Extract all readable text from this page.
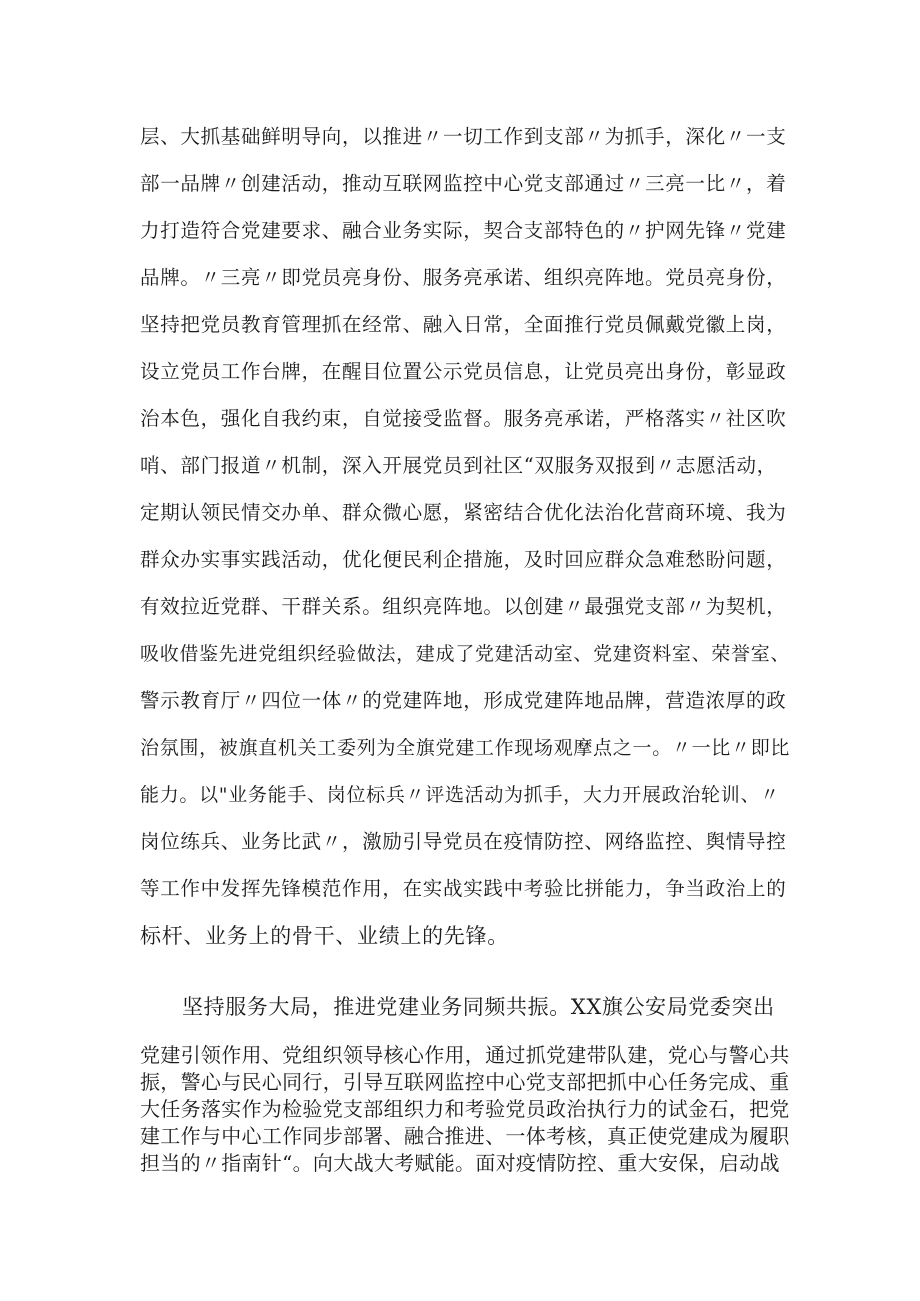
层、大抓基础鲜明导向，以推进〃一切工作到支部〃为抓手，深化〃一支
部一品牌〃创建活动，推动互联网监控中心党支部通过〃三亮一比〃，着
力打造符合党建要求、融合业务实际，契合支部特色的〃护网先锋〃党建
品牌。〃三亮〃即党员亮身份、服务亮承诺、组织亮阵地。党员亮身份，
坚持把党员教育管理抓在经常、融入日常，全面推行党员佩戴党徽上岗，
设立党员工作台牌，在醒目位置公示党员信息，让党员亮出身份，彰显政
治本色，强化自我约束，自觉接受监督。服务亮承诺，严格落实〃社区吹
哨、部门报道〃机制，深入开展党员到社区“双服务双报到〃志愿活动，
定期认领民情交办单、群众微心愿，紧密结合优化法治化营商环境、我为
群众办实事实践活动，优化便民利企措施，及时回应群众急难愁盼问题，
有效拉近党群、干群关系。组织亮阵地。以创建〃最强党支部〃为契机，
吸收借鉴先进党组织经验做法，建成了党建活动室、党建资料室、荣誉室、
警示教育厅〃四位一体〃的党建阵地，形成党建阵地品牌，营造浓厚的政
治氛围，被旗直机关工委列为全旗党建工作现场观摩点之一。〃一比〃即比
能力。以"业务能手、岗位标兵〃评选活动为抓手，大力开展政治轮训、〃
岗位练兵、业务比武〃，激励引导党员在疫情防控、网络监控、舆情导控
等工作中发挥先锋模范作用，在实战实践中考验比拼能力，争当政治上的
标杆、业务上的骨干、业绩上的先锋。
坚持服务大局，推进党建业务同频共振。XX旗公安局党委突出
党建引领作用、党组织领导核心作用，通过抓党建带队建，党心与警心共
振，警心与民心同行，引导互联网监控中心党支部把抓中心任务完成、重
大任务落实作为检验党支部组织力和考验党员政治执行力的试金石，把党
建工作与中心工作同步部署、融合推进、一体考核，真正使党建成为履职
担当的〃指南针“。向大战大考赋能。面对疫情防控、重大安保，启动战
